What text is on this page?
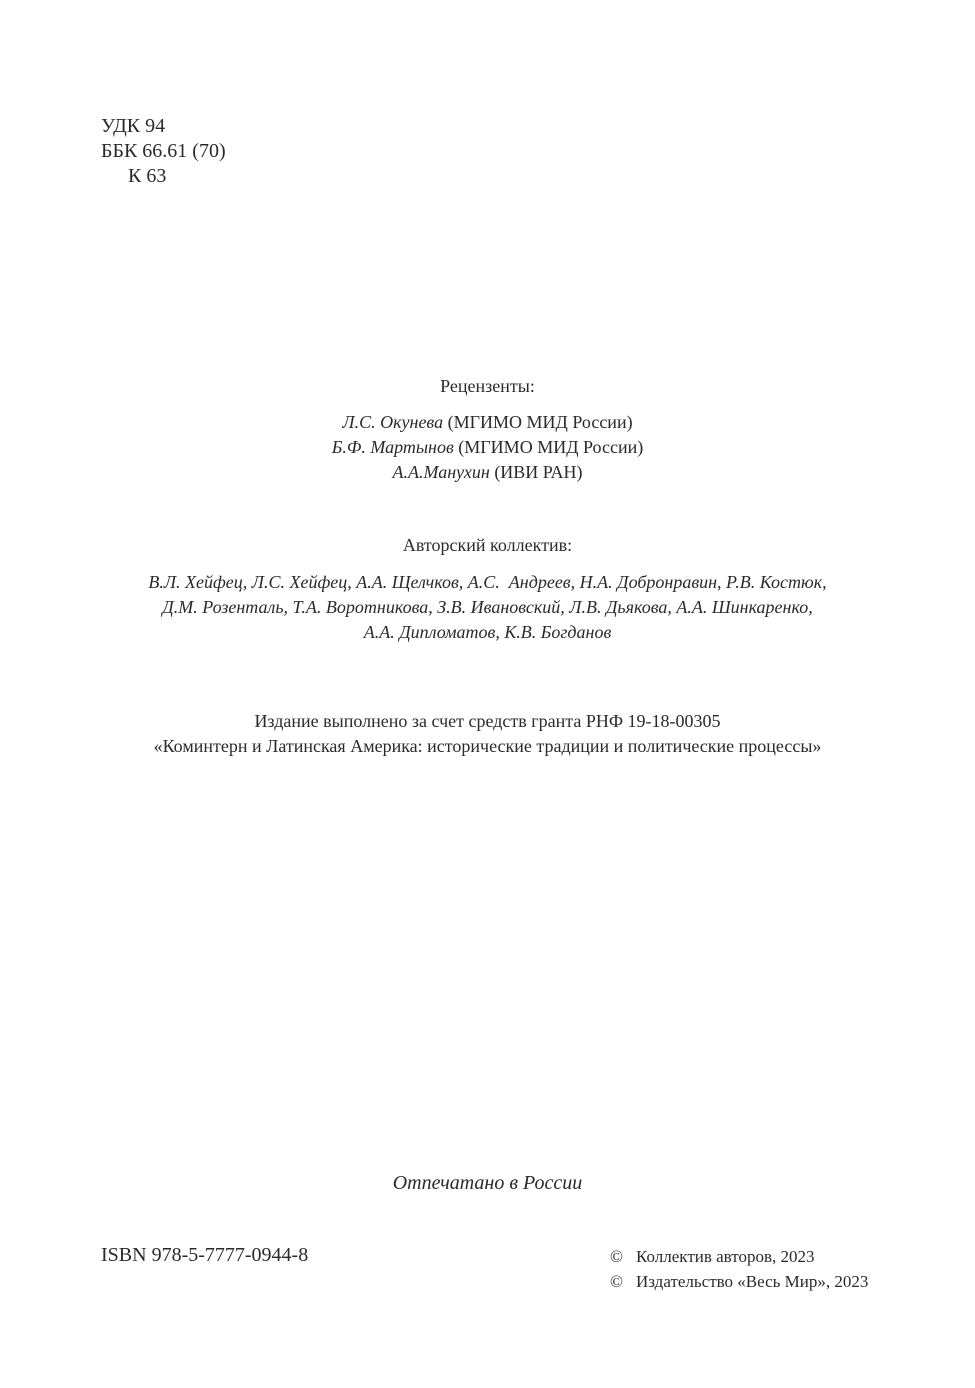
УДК 94
ББК 66.61 (70)
К 63
Рецензенты:
Л.С. Окунева (МГИМО МИД России)
Б.Ф. Мартынов (МГИМО МИД России)
А.А.Манухин (ИВИ РАН)
Авторский коллектив:
В.Л. Хейфец, Л.С. Хейфец, А.А. Щелчков, А.С.  Андреев, Н.А. Добронравин, Р.В. Костюк,
Д.М. Розенталь, Т.А. Воротникова, З.В. Ивановский, Л.В. Дьякова, А.А. Шинкаренко,
А.А. Дипломатов, К.В. Богданов
Издание выполнено за счет средств гранта РНФ 19-18-00305
«Коминтерн и Латинская Америка: исторические традиции и политические процессы»
Отпечатано в России
ISBN 978-5-7777-0944-8	© Коллектив авторов, 2023
© Издательство «Весь Мир», 2023
